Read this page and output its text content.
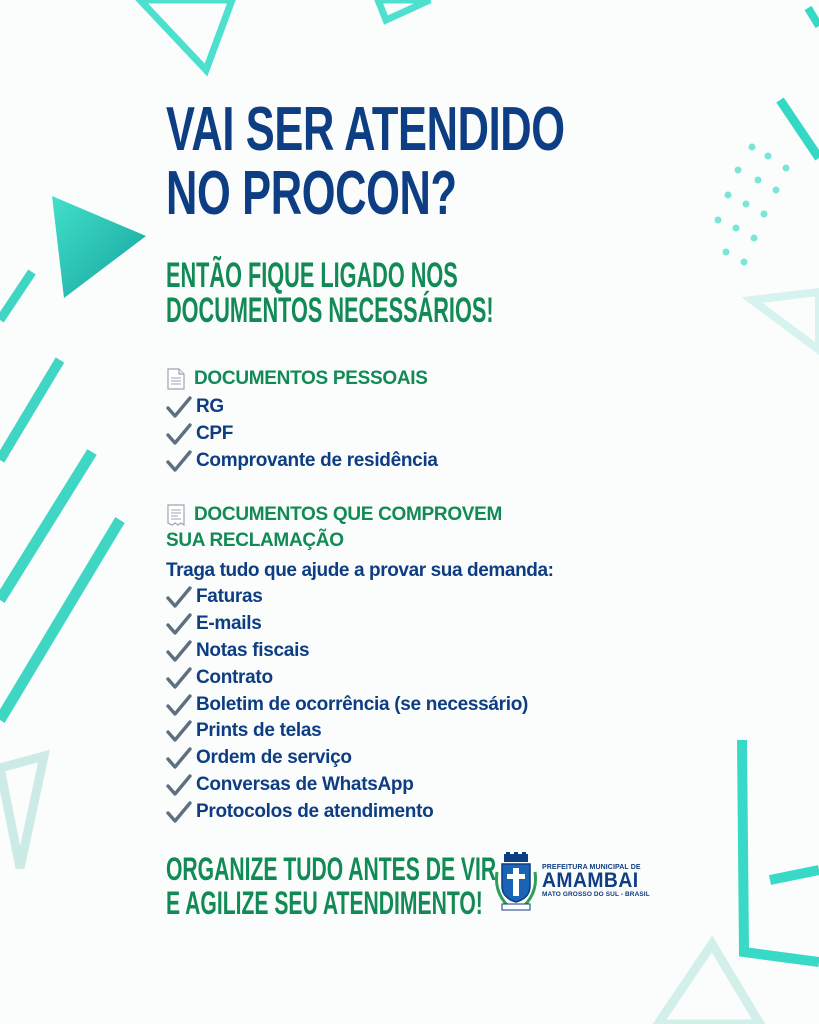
VAI SER ATENDIDO
NO PROCON?
ENTÃO FIQUE LIGADO NOS
DOCUMENTOS NECESSÁRIOS!
DOCUMENTOS PESSOAIS
RG
CPF
Comprovante de residência
DOCUMENTOS QUE COMPROVEM
SUA RECLAMAÇÃO

Traga tudo que ajude a provar sua demanda:

Faturas
E-mails
Notas fiscais
Contrato
Boletim de ocorrência (se necessário)
Prints de telas
Ordem de serviço
Conversas de WhatsApp
Protocolos de atendimento
ORGANIZE TUDO ANTES DE VIR
E AGILIZE SEU ATENDIMENTO!
PREFEITURA MUNICIPAL DE
AMAMBAI
MATO GROSSO DO SUL - BRASIL
